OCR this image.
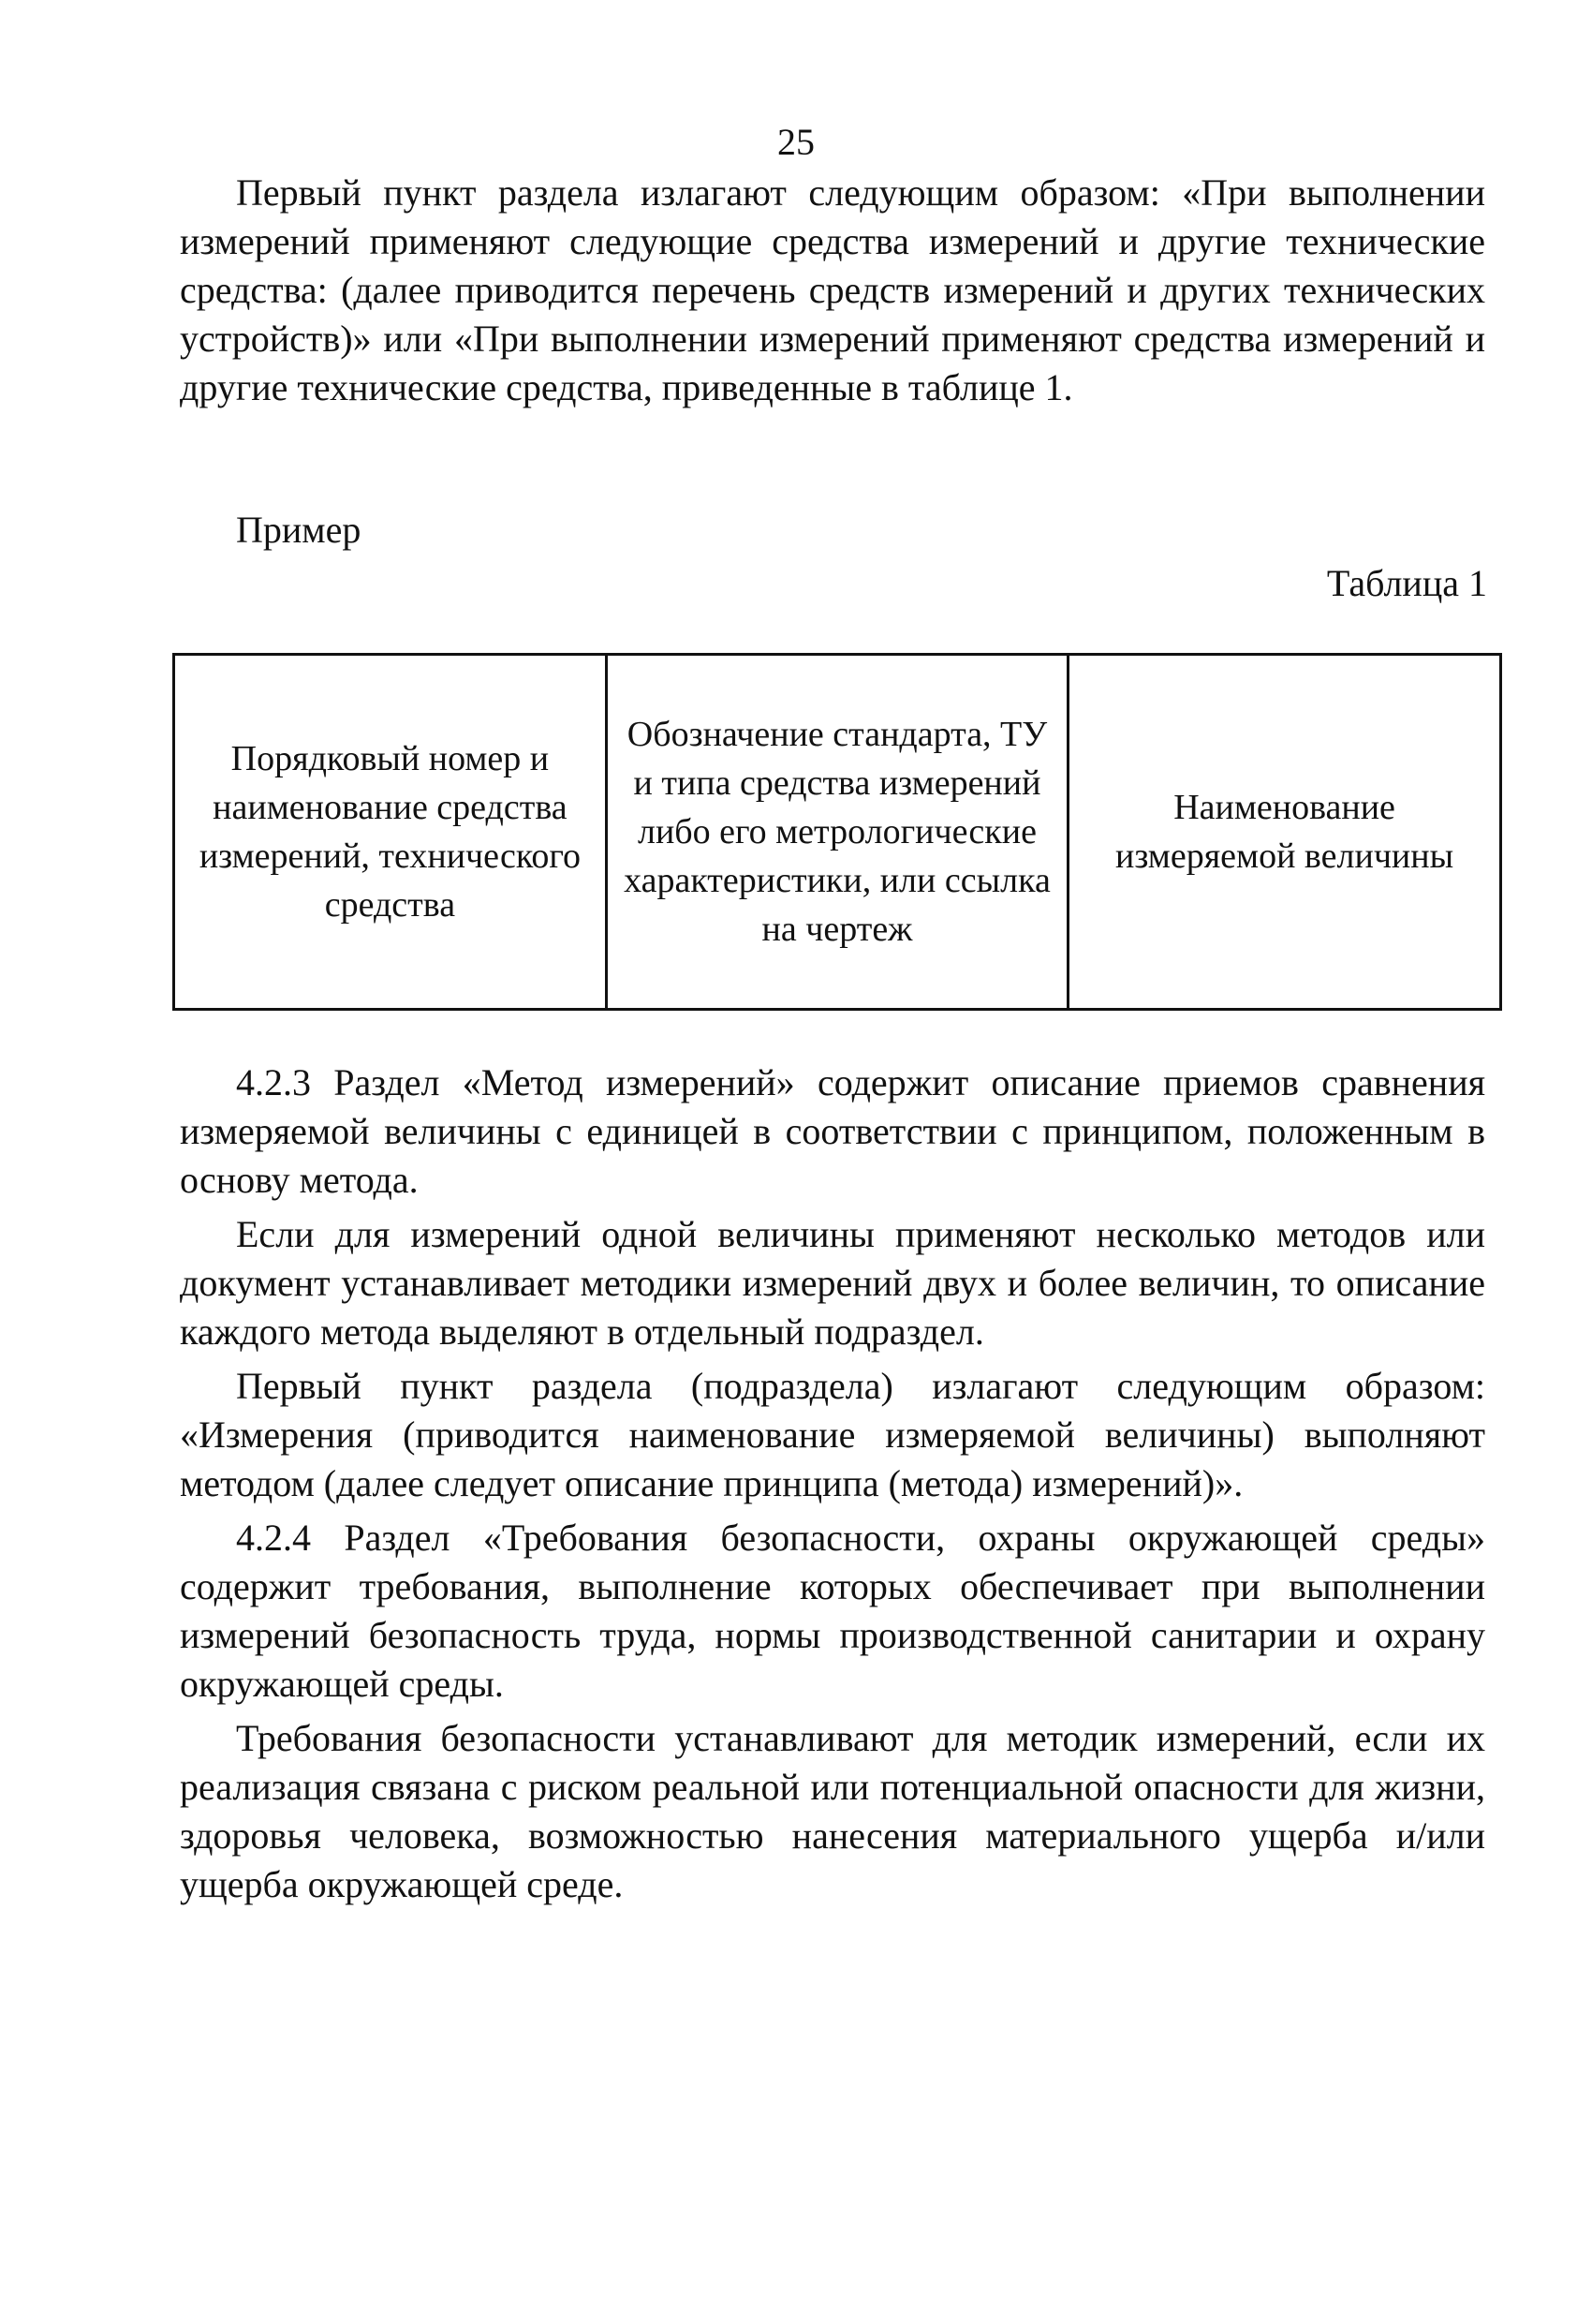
25

Первый пункт раздела излагают следующим образом: «При выполнении измерений применяют следующие средства измерений и другие технические средства: (далее приводится перечень средств измерений и других технических устройств)» или «При выполнении измерений применяют средства измерений и другие технические средства, приведенные в таблице 1.

Пример
Таблица 1
Порядковый номер и наименование средства измерений, технического средства	Обозначение стандарта, ТУ и типа средства измерений либо его метрологические характеристики, или ссылка на чертеж	Наименование измеряемой величины

4.2.3 Раздел «Метод измерений» содержит описание приемов сравнения измеряемой величины с единицей в соответствии с принципом, положенным в основу метода.

Если для измерений одной величины применяют несколько методов или документ устанавливает методики измерений двух и более величин, то описание каждого метода выделяют в отдельный подраздел.

Первый пункт раздела (подраздела) излагают следующим образом: «Измерения (приводится наименование измеряемой величины) выполняют методом (далее следует описание принципа (метода) измерений)».

4.2.4 Раздел «Требования безопасности, охраны окружающей среды» содержит требования, выполнение которых обеспечивает при выполнении измерений безопасность труда, нормы производственной санитарии и охрану окружающей среды.

Требования безопасности устанавливают для методик измерений, если их реализация связана с риском реальной или потенциальной опасности для жизни, здоровья человека, возможностью нанесения материального ущерба и/или ущерба окружающей среде.
